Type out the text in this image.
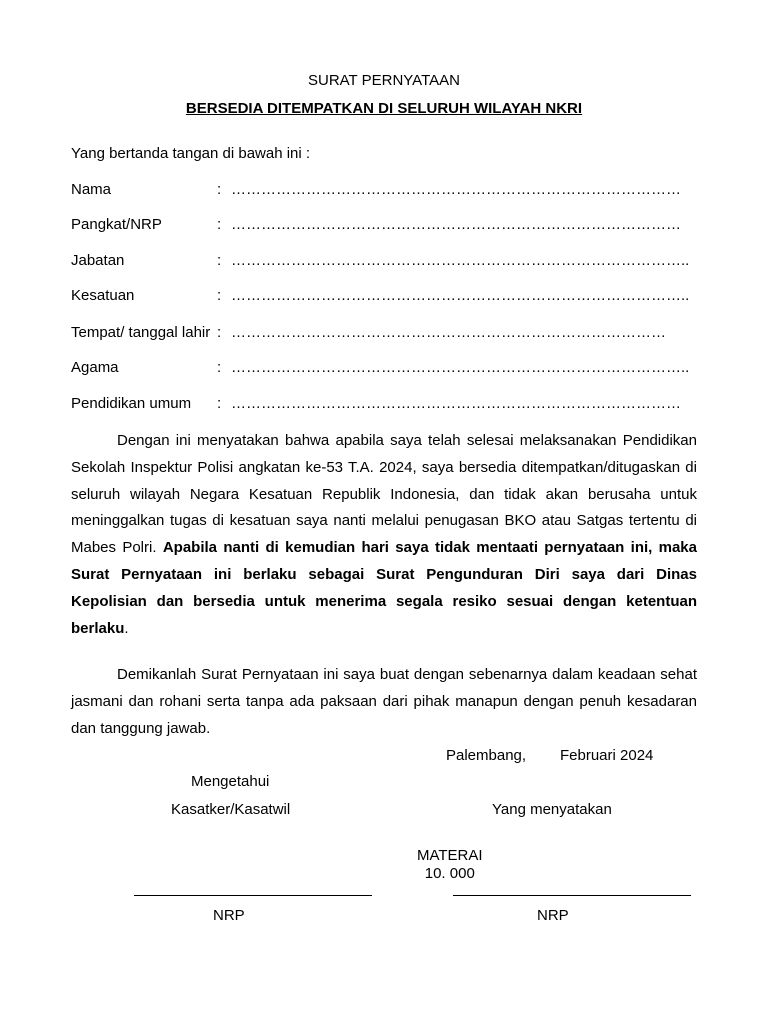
SURAT PERNYATAAN
BERSEDIA DITEMPATKAN DI SELURUH WILAYAH NKRI
Yang bertanda tangan di bawah ini :
Nama	: ………………………………………………………………………………
Pangkat/NRP	: ………………………………………………………………………………
Jabatan	: ………………………………………………………………………………..
Kesatuan	: ………………………………………………………………………………..
Tempat/ tanggal lahir : ……………………………………………………………………………
Agama	: ………………………………………………………………………………..
Pendidikan umum : ………………………………………………………………………………

Dengan ini menyatakan bahwa apabila saya telah selesai melaksanakan Pendidikan Sekolah Inspektur Polisi angkatan ke-53 T.A. 2024, saya bersedia ditempatkan/ditugaskan di seluruh wilayah Negara Kesatuan Republik Indonesia, dan tidak akan berusaha untuk meninggalkan tugas di kesatuan saya nanti melalui penugasan BKO atau Satgas tertentu di Mabes Polri. Apabila nanti di kemudian hari saya tidak mentaati pernyataan ini, maka Surat Pernyataan ini berlaku sebagai Surat Pengunduran Diri saya dari Dinas Kepolisian dan bersedia untuk menerima segala resiko sesuai dengan ketentuan berlaku.

Demikanlah Surat Pernyataan ini saya buat dengan sebenarnya dalam keadaan sehat jasmani dan rohani serta tanpa ada paksaan dari pihak manapun dengan penuh kesadaran dan tanggung jawab.

Palembang, Februari 2024
Mengetahui
Kasatker/Kasatwil	Yang menyatakan
MATERAI
10. 000
NRP	NRP
